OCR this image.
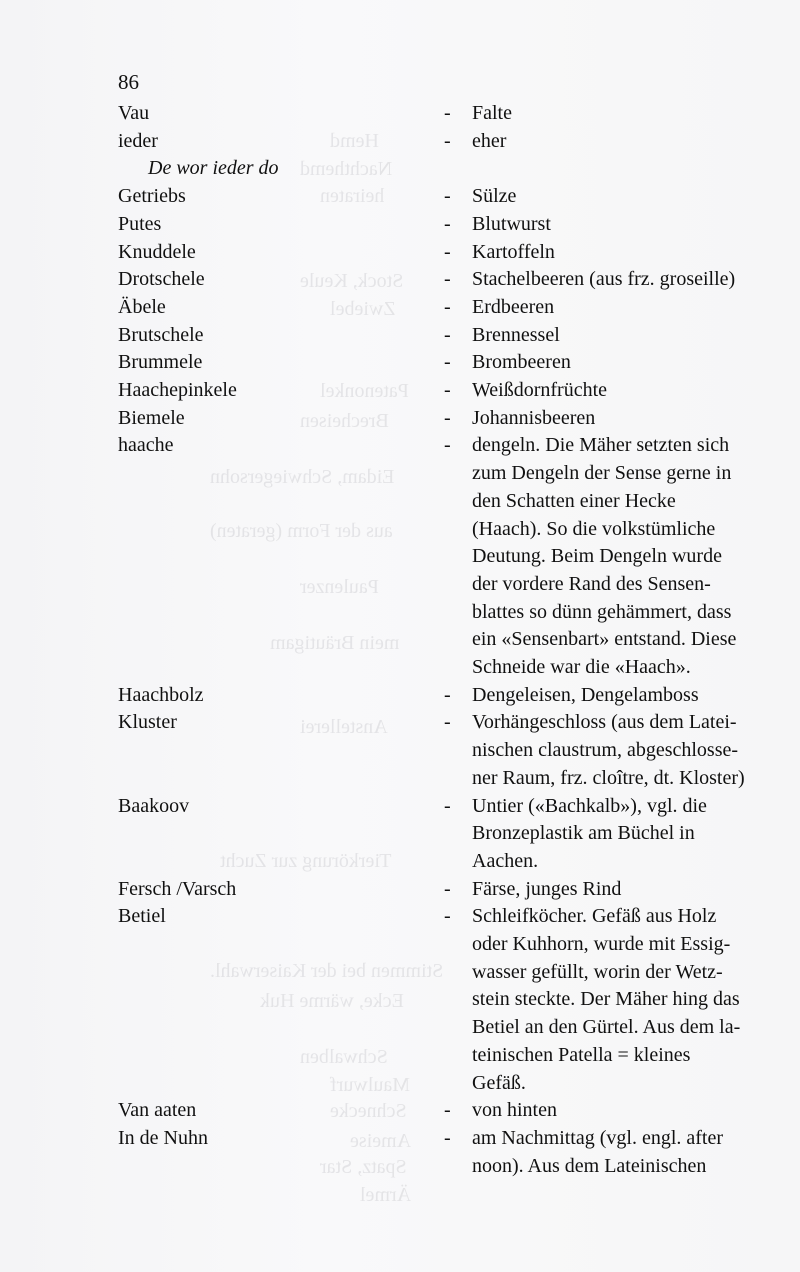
Hemd
Nachthemd
heiraten
Stock, Keule
Zwiebel
Patenonkel
Brecheisen
Eidam, Schwiegersohn
aus der Form (geraten)
Paulenzer
mein Bräutigam
Anstellerei
Tierkörung zur Zucht
Stimmen bei der Kaiserwahl.
Ecke, wärme Huk
Schwalben
Maulwurf
Schnecke
Ameise
Spatz, Star
Ärmel
86
Vau	- Falte
ieder	- eher
De wor ieder do
Getriebs	- Sülze
Putes	- Blutwurst
Knuddele	- Kartoffeln
Drotschele	- Stachelbeeren (aus frz. groseille)
Äbele	- Erdbeeren
Brutschele	- Brennessel
Brummele	- Brombeeren
Haachepinkele	- Weißdornfrüchte
Biemele	- Johannisbeeren
haache	- dengeln. Die Mäher setzten sich
zum Dengeln der Sense gerne in
den Schatten einer Hecke
(Haach). So die volkstümliche
Deutung. Beim Dengeln wurde
der vordere Rand des Sensen-
blattes so dünn gehämmert, dass
ein «Sensenbart» entstand. Diese
Schneide war die «Haach».
Haachbolz	- Dengeleisen, Dengelamboss
Kluster	- Vorhängeschloss (aus dem Latei-
nischen claustrum, abgeschlosse-
ner Raum, frz. cloître, dt. Kloster)
Baakoov	- Untier («Bachkalb»), vgl. die
Bronzeplastik am Büchel in
Aachen.
Fersch /Varsch	- Färse, junges Rind
Betiel	- Schleifköcher. Gefäß aus Holz
oder Kuhhorn, wurde mit Essig-
wasser gefüllt, worin der Wetz-
stein steckte. Der Mäher hing das
Betiel an den Gürtel. Aus dem la-
teinischen Patella = kleines
Gefäß.
Van aaten	- von hinten
In de Nuhn	- am Nachmittag (vgl. engl. after
noon). Aus dem Lateinischen
